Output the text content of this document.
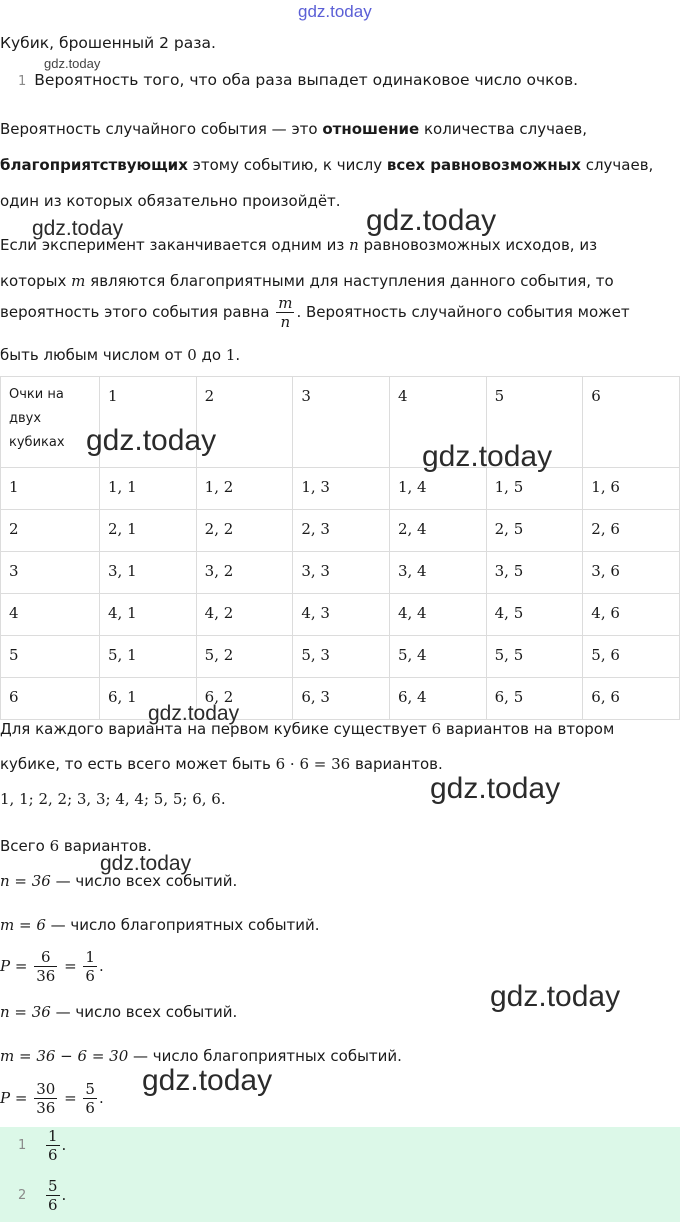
gdz.today
gdz.today
gdz.today	gdz.today
gdz.today	gdz.today
gdz.today
gdz.today
gdz.today
gdz.today
gdz.today
Кубик, брошенный 2 раза.
1 Вероятность того, что оба раза выпадет одинаковое число очков.
Вероятность случайного события — это отношение количества случаев,
благоприятствующих этому событию, к числу всех равновозможных случаев,
один из которых обязательно произойдёт.
Если эксперимент заканчивается одним из n равновозможных исходов, из
которых m являются благоприятными для наступления данного события, то
вероятность этого события равна $\frac{m}{n}$ . Вероятность случайного события может
быть любым числом от 0 до 1.
Очки на двух кубиках	1	2	3	4	5	6
1	1, 1	1, 2	1, 3	1, 4	1, 5	1, 6
2	2, 1	2, 2	2, 3	2, 4	2, 5	2, 6
3	3, 1	3, 2	3, 3	3, 4	3, 5	3, 6
4	4, 1	4, 2	4, 3	4, 4	4, 5	4, 6
5	5, 1	5, 2	5, 3	5, 4	5, 5	5, 6
6	6, 1	6, 2	6, 3	6, 4	6, 5	6, 6
Для каждого варианта на первом кубике существует 6 вариантов на втором
кубике, то есть всего может быть 6 · 6 = 36 вариантов.
1, 1; 2, 2; 3, 3; 4, 4; 5, 5; 6, 6.
Всего 6 вариантов.
n = 36 — число всех событий.
m = 6 — число благоприятных событий.
$P = \frac{6}{36} = \frac{1}{6}$ .
n = 36 — число всех событий.
m = 36 − 6 = 30 — число благоприятных событий.
$P = \frac{30}{36} = \frac{5}{6}$ .
$1 \frac{1}{6}$ .
$2 \frac{5}{6}$ .
